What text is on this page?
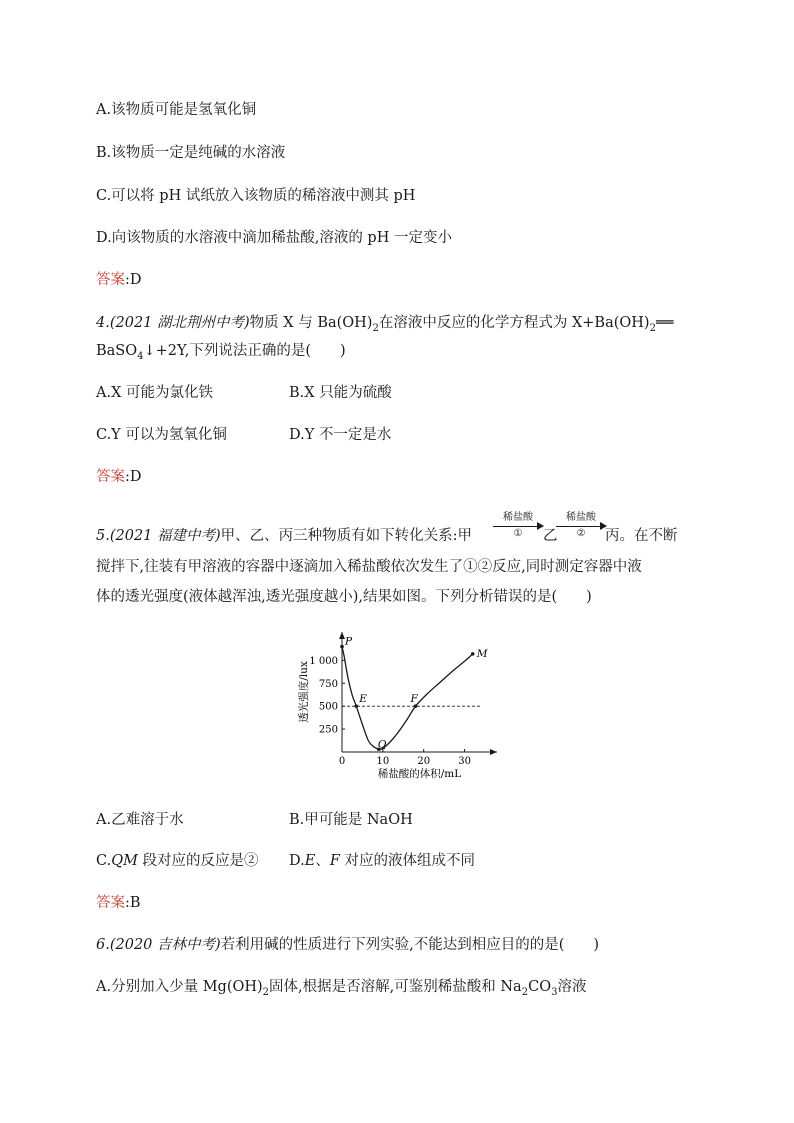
A.该物质可能是氢氧化铜
B.该物质一定是纯碱的水溶液
C.可以将 pH 试纸放入该物质的稀溶液中测其 pH
D.向该物质的水溶液中滴加稀盐酸,溶液的 pH 一定变小
答案:D
4.(2021 湖北荆州中考)物质 X 与 $Ba(OH)_2$在溶液中反应的化学方程式为 $X+Ba(OH)_2══$
BaSO$_4$↓+2Y,下列说法正确的是(　　)
A.X 可能为氯化铁	B.X 只能为硫酸
C.Y 可以为氢氧化铜	D.Y 不一定是水
答案:D
5.(2021 福建中考)甲、乙、丙三种物质有如下转化关系:甲
稀盐酸
①	乙
稀盐酸
②	丙。在不断
搅拌下,往装有甲溶液的容器中逐滴加入稀盐酸依次发生了①②反应,同时测定容器中液
体的透光强度(液体越浑浊,透光强度越小),结果如图。下列分析错误的是(　　)
0	10	20	30
250
500
750
1 000
稀盐酸的体积/mL
透光强度/lux
P
E
Q
F
M
A.乙难溶于水	B.甲可能是 NaOH
C.QM 段对应的反应是② D.E、F 对应的液体组成不同
答案:B
6.(2020 吉林中考)若利用碱的性质进行下列实验,不能达到相应目的的是(　　)
A.分别加入少量 $Mg(OH)_2$固体,根据是否溶解,可鉴别稀盐酸和 $Na_2CO_3$溶液
